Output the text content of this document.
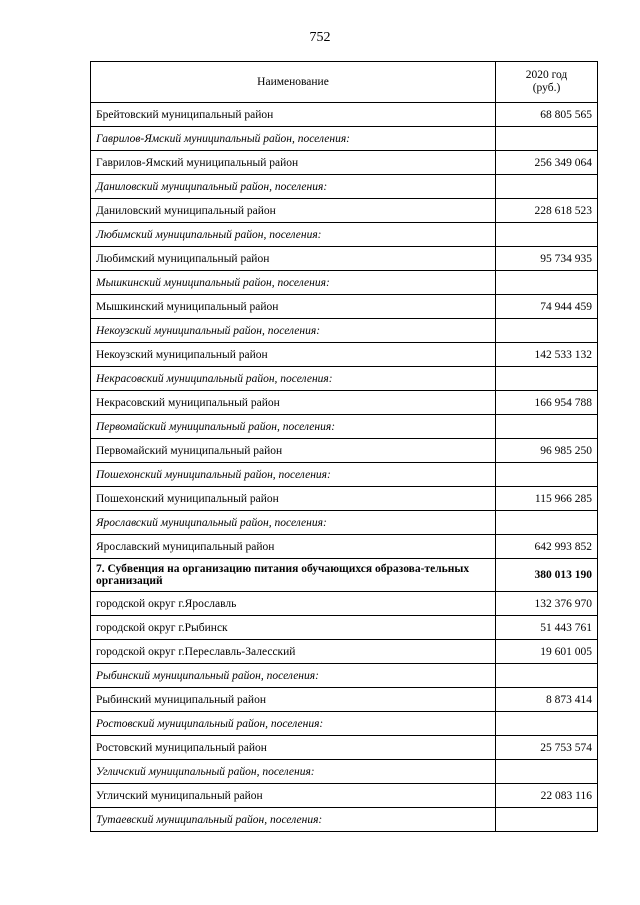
752
Наименование	2020 год
(руб.)

Брейтовский муниципальный район	68 805 565
Гаврилов-Ямский муниципальный район, поселения:	
Гаврилов-Ямский муниципальный район	256 349 064
Даниловский муниципальный район, поселения:	
Даниловский муниципальный район	228 618 523
Любимский муниципальный район, поселения:	
Любимский муниципальный район	95 734 935
Мышкинский муниципальный район, поселения:	
Мышкинский муниципальный район	74 944 459
Некоузский муниципальный район, поселения:	
Некоузский муниципальный район	142 533 132
Некрасовский муниципальный район, поселения:	
Некрасовский муниципальный район	166 954 788
Первомайский муниципальный район, поселения:	
Первомайский муниципальный район	96 985 250
Пошехонский муниципальный район, поселения:	
Пошехонский муниципальный район	115 966 285
Ярославский муниципальный район, поселения:	
Ярославский муниципальный район	642 993 852
7. Субвенция на организацию питания обучающихся образова-тельных организаций	380 013 190
городской округ г.Ярославль	132 376 970
городской округ г.Рыбинск	51 443 761
городской округ г.Переславль-Залесский	19 601 005
Рыбинский муниципальный район, поселения:	
Рыбинский муниципальный район	8 873 414
Ростовский муниципальный район, поселения:	
Ростовский муниципальный район	25 753 574
Угличский муниципальный район, поселения:	
Угличский муниципальный район	22 083 116
Тутаевский муниципальный район, поселения:	
